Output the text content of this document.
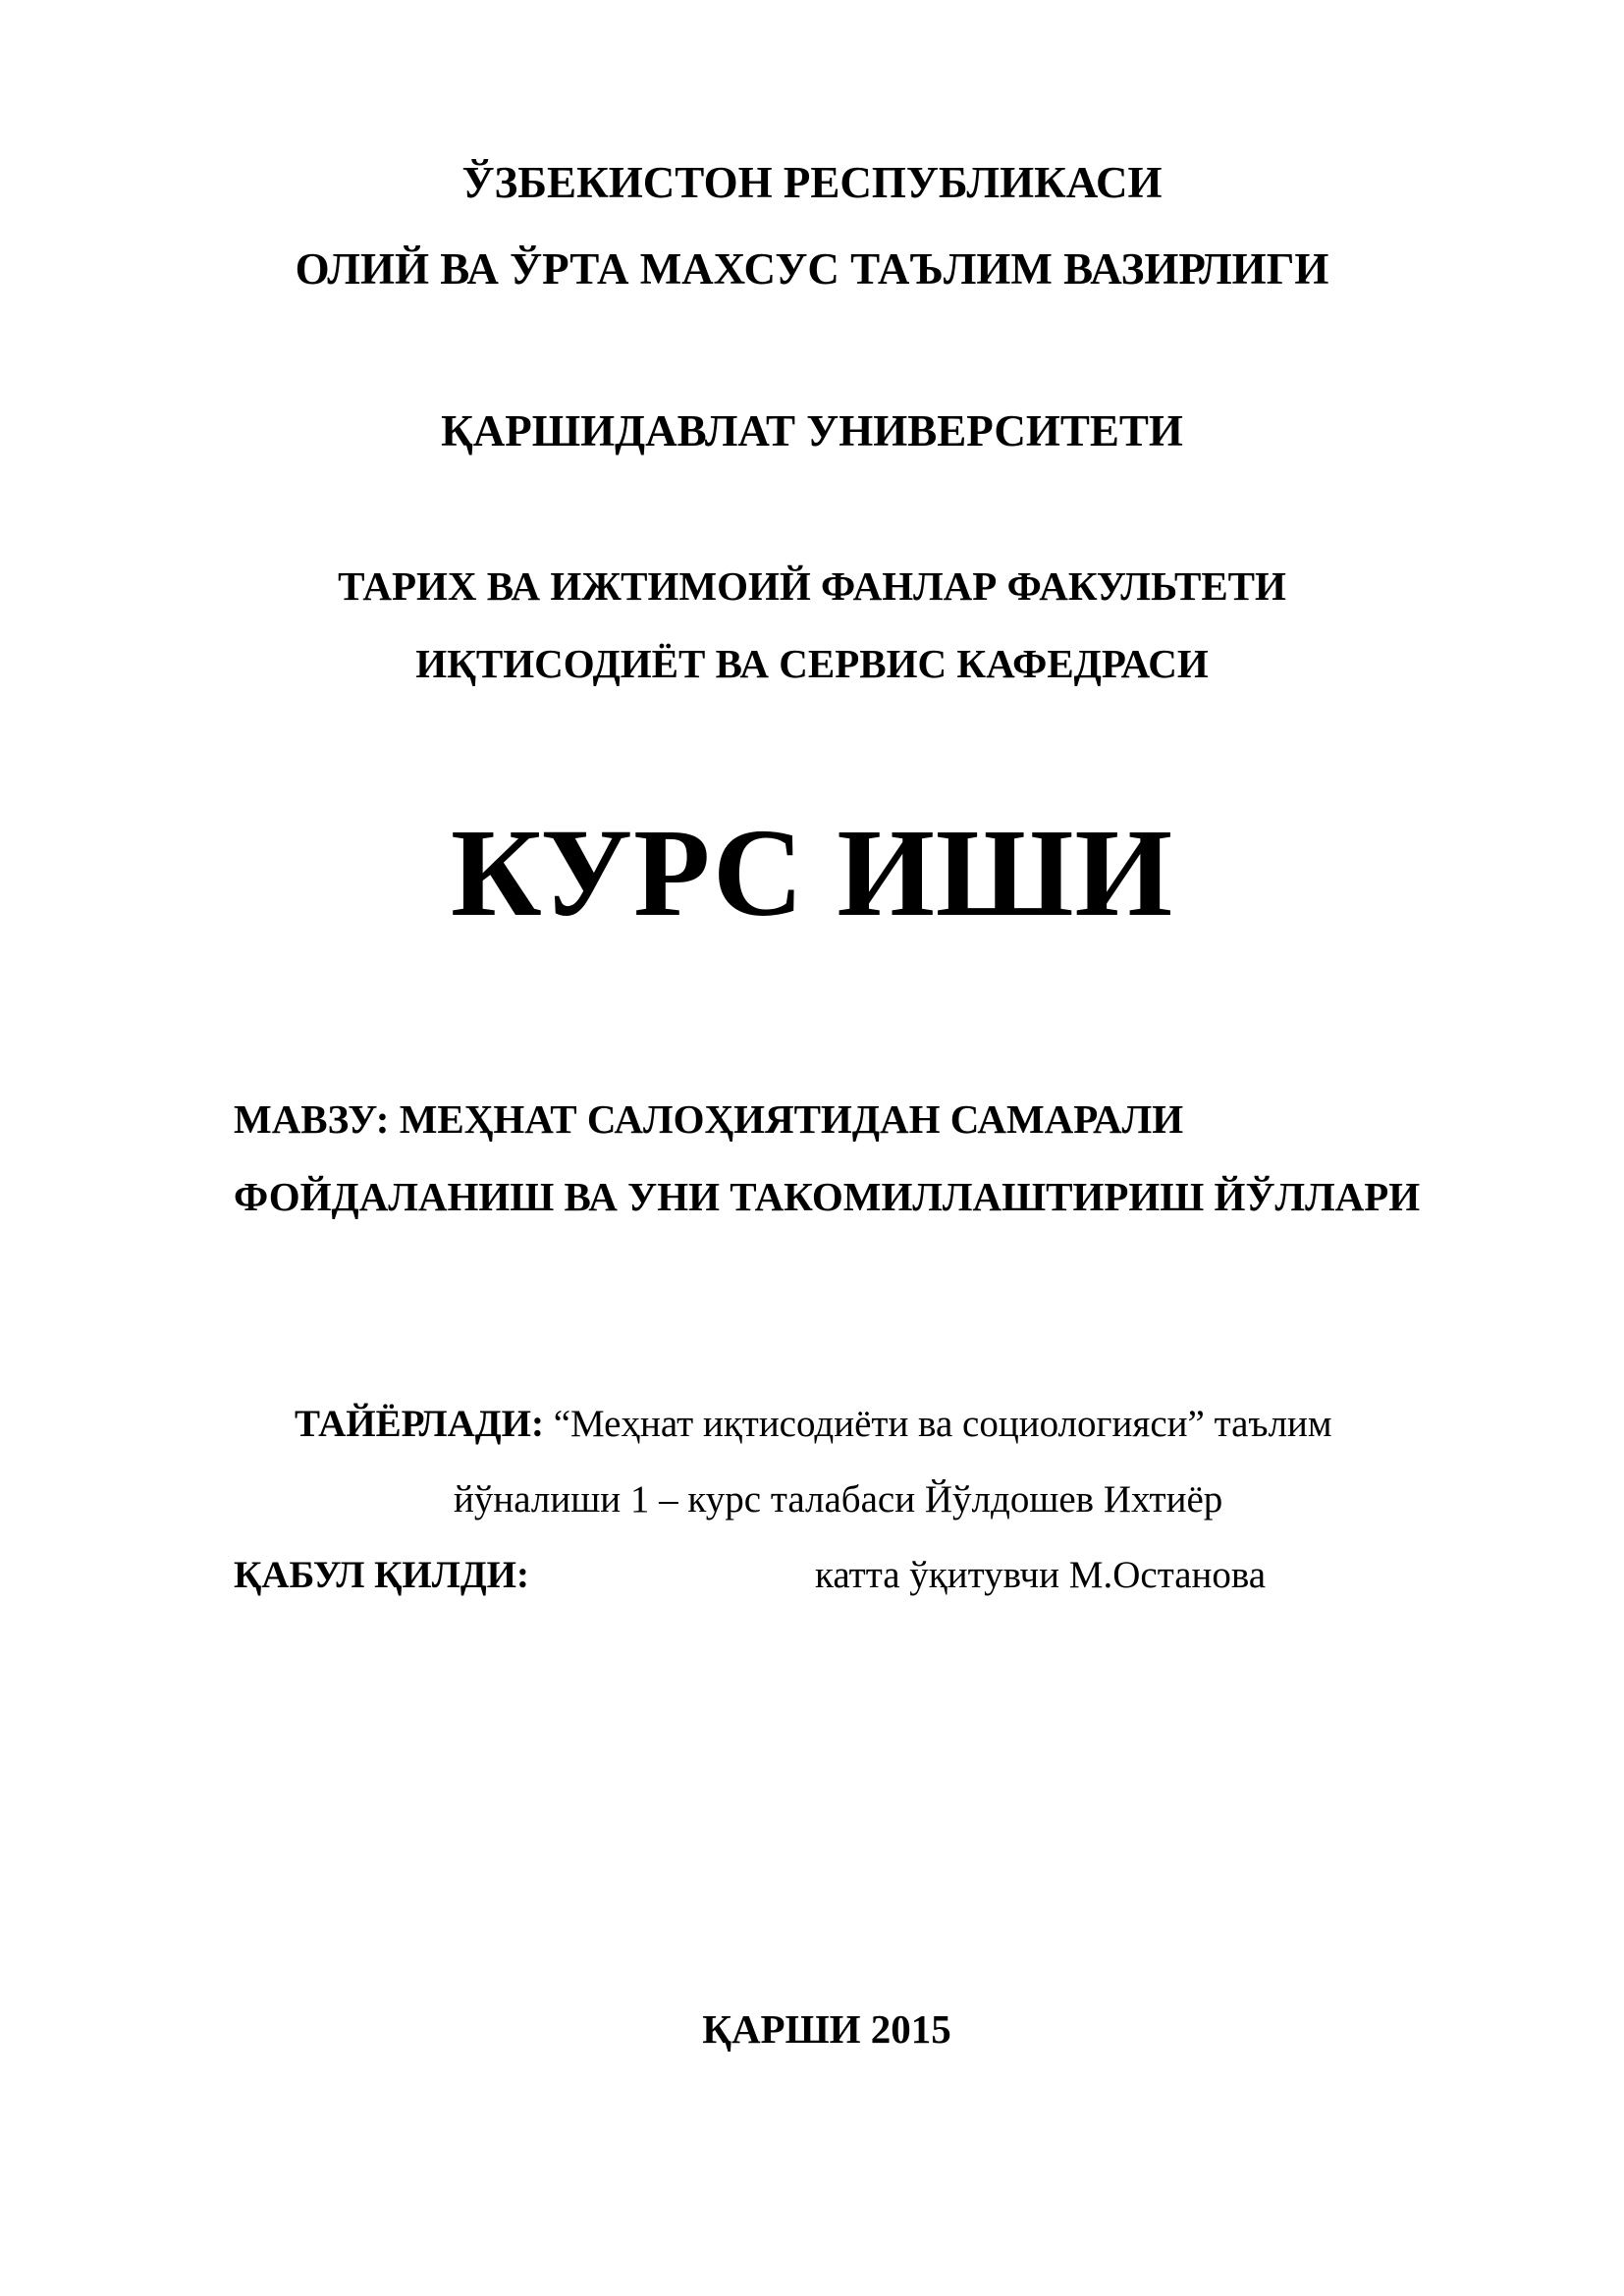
ЎЗБЕКИСТОН РЕСПУБЛИКАСИ
ОЛИЙ ВА ЎРТА МАХСУС ТАЪЛИМ ВАЗИРЛИГИ
ҚАРШИДАВЛАТ УНИВЕРСИТЕТИ
ТАРИХ ВА ИЖТИМОИЙ ФАНЛАР ФАКУЛЬТЕТИ
ИҚТИСОДИЁТ ВА СЕРВИС КАФЕДРАСИ
КУРС ИШИ
МАВЗУ: МЕҲНАТ САЛОҲИЯТИДАН САМАРАЛИ
ФОЙДАЛАНИШ ВА УНИ ТАКОМИЛЛАШТИРИШ ЙЎЛЛАРИ
ТАЙЁРЛАДИ: “Меҳнат иқтисодиёти ва социологияси” таълим
йўналиши 1 – курс талабаси Йўлдошев Ихтиёр
ҚАБУЛ ҚИЛДИ:	катта ўқитувчи М.Останова
ҚАРШИ 2015
